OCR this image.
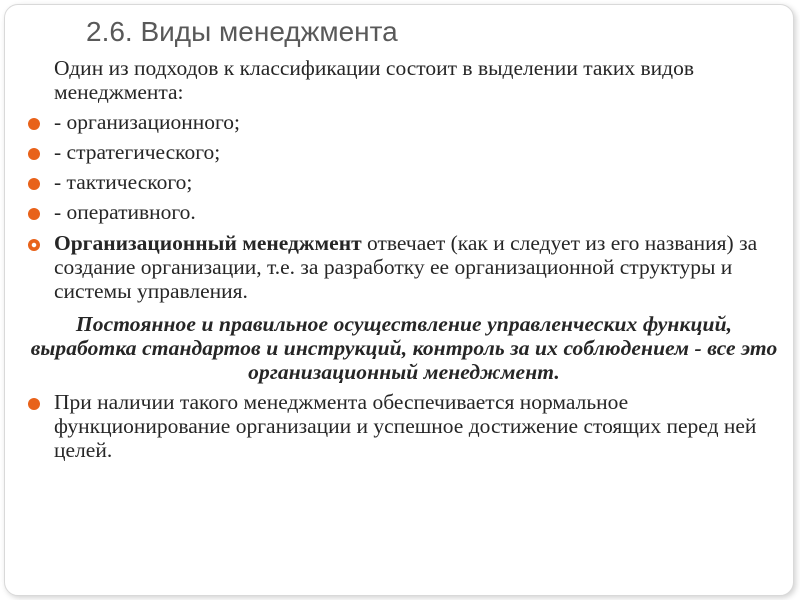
2.6. Виды менеджмента

Один из подходов к классификации состоит в выделении таких видов менеджмента:

- организационного;

- стратегического;

- тактического;

- оперативного.

Организационный менеджмент отвечает (как и следует из его названия) за создание организации, т.е. за разработку ее организационной структуры и системы управления.

Постоянное и правильное осуществление управленческих функций, выработка стандартов и инструкций, контроль за их соблюдением - все это организационный менеджмент.

При наличии такого менеджмента обеспечивается нормальное функционирование организации и успешное достижение стоящих перед ней целей.
